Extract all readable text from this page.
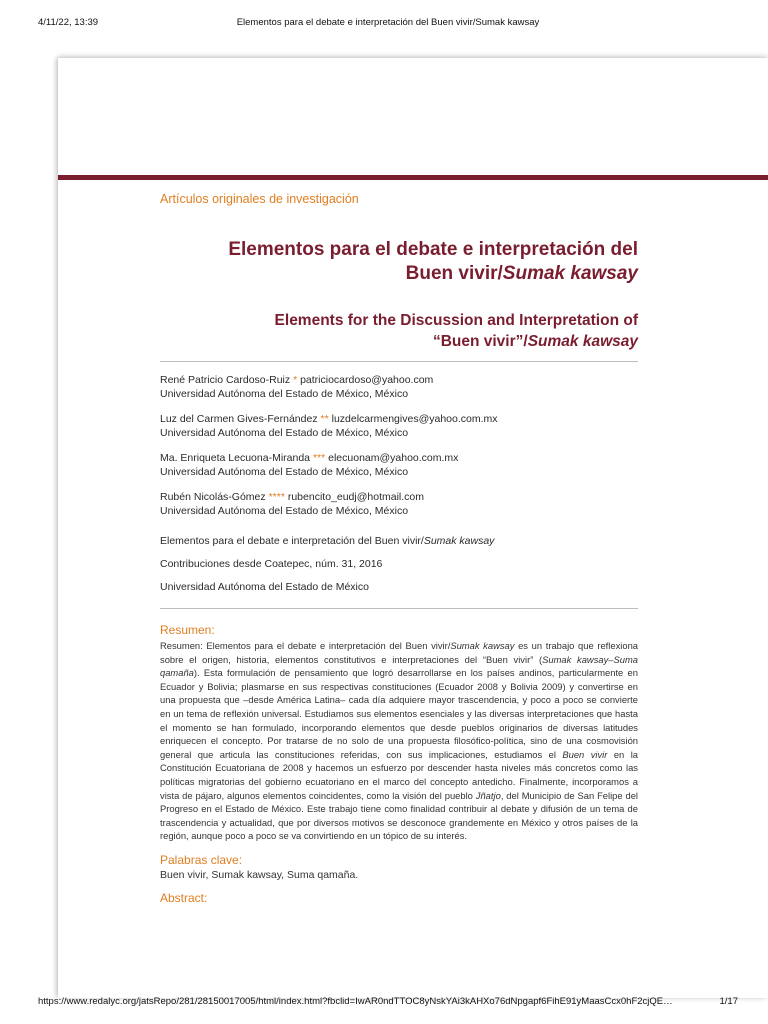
4/11/22, 13:39	Elementos para el debate e interpretación del Buen vivir/Sumak kawsay
Artículos originales de investigación
Elementos para el debate e interpretación del
Buen vivir/Sumak kawsay
Elements for the Discussion and Interpretation of
“Buen vivir”/Sumak kawsay
René Patricio Cardoso-Ruiz * patriciocardoso@yahoo.com
Universidad Autónoma del Estado de México, México
Luz del Carmen Gives-Fernández ** luzdelcarmengives@yahoo.com.mx
Universidad Autónoma del Estado de México, México
Ma. Enriqueta Lecuona-Miranda *** elecuonam@yahoo.com.mx
Universidad Autónoma del Estado de México, México
Rubén Nicolás-Gómez **** rubencito_eudj@hotmail.com
Universidad Autónoma del Estado de México, México

Elementos para el debate e interpretación del Buen vivir/Sumak kawsay

Contribuciones desde Coatepec, núm. 31, 2016

Universidad Autónoma del Estado de México

Resumen:

Resumen: Elementos para el debate e interpretación del Buen vivir/Sumak kawsay es un trabajo que reflexiona sobre el origen, historia, elementos constitutivos e interpretaciones del “Buen vivir” (Sumak kawsay–Suma qamaña). Esta formulación de pensamiento que logró desarrollarse en los países andinos, particularmente en Ecuador y Bolivia; plasmarse en sus respectivas constituciones (Ecuador 2008 y Bolivia 2009) y convertirse en una propuesta que –desde América Latina– cada día adquiere mayor trascendencia, y poco a poco se convierte en un tema de reflexión universal. Estudiamos sus elementos esenciales y las diversas interpretaciones que hasta el momento se han formulado, incorporando elementos que desde pueblos originarios de diversas latitudes enriquecen el concepto. Por tratarse de no solo de una propuesta filosófico-política, sino de una cosmovisión general que articula las constituciones referidas, con sus implicaciones, estudiamos el Buen vivir en la Constitución Ecuatoriana de 2008 y hacemos un esfuerzo por descender hasta niveles más concretos como las políticas migratorias del gobierno ecuatoriano en el marco del concepto antedicho. Finalmente, incorporamos a vista de pájaro, algunos elementos coincidentes, como la visión del pueblo Jñatjo, del Municipio de San Felipe del Progreso en el Estado de México. Este trabajo tiene como finalidad contribuir al debate y difusión de un tema de trascendencia y actualidad, que por diversos motivos se desconoce grandemente en México y otros países de la región, aunque poco a poco se va convirtiendo en un tópico de su interés.

Palabras clave:
Buen vivir, Sumak kawsay, Suma qamaña.
Abstract:
https://www.redalyc.org/jatsRepo/281/28150017005/html/index.html?fbclid=IwAR0ndTTOC8yNskYAi3kAHXo76dNpgapf6FihE91yMaasCcx0hF2cjQE…	1/17
